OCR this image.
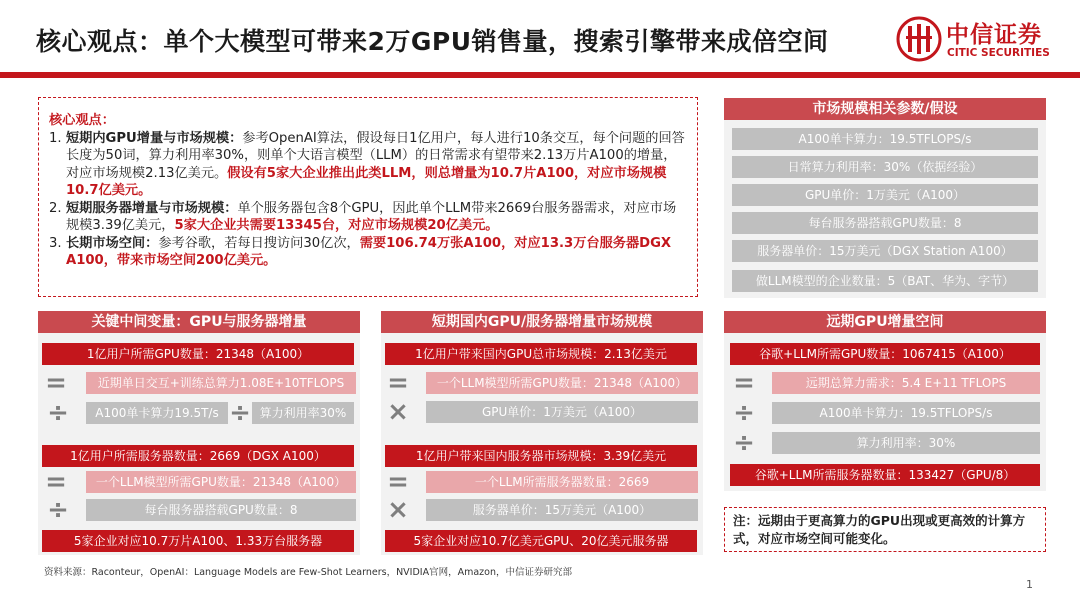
核心观点：单个大模型可带来2万GPU销售量，搜索引擎带来成倍空间	中信证券
CITIC SECURITIES
核心观点：
1. 短期内GPU增量与市场规模：参考OpenAI算法，假设每日1亿用户，每人进行10条交互，每个问题的回答长度为50词，算力利用率30%，则单个大语言模型（LLM）的日常需求有望带来2.13万片A100的增量，对应市场规模2.13亿美元。假设有5家大企业推出此类LLM，则总增量为10.7片A100，对应市场规模10.7亿美元。
2. 短期服务器增量与市场规模：单个服务器包含8个GPU，因此单个LLM带来2669台服务器需求，对应市场规模3.39亿美元，5家大企业共需要13345台，对应市场规模20亿美元。
3. 长期市场空间：参考谷歌，若每日搜访问30亿次，需要106.74万张A100，对应13.3万台服务器DGX A100，带来市场空间200亿美元。
市场规模相关参数/假设
A100单卡算力：19.5TFLOPS/s
日常算力利用率：30%（依据经验）
GPU单价：1万美元（A100）
每台服务器搭载GPU数量：8
服务器单价：15万美元（DGX Station A100）
做LLM模型的企业数量：5（BAT、华为、字节）
关键中间变量：GPU与服务器增量
1亿用户所需GPU数量：21348（A100）
=	近期单日交互+训练总算力1.08E+10TFLOPS
÷	A100单卡算力19.5T/s ÷ 算力利用率30%
1亿用户所需服务器数量：2669（DGX A100）
=	一个LLM模型所需GPU数量：21348（A100）
÷	每台服务器搭载GPU数量：8
5家企业对应10.7万片A100、1.33万台服务器
短期国内GPU/服务器增量市场规模
1亿用户带来国内GPU总市场规模：2.13亿美元
=	一个LLM模型所需GPU数量：21348（A100）
×	GPU单价：1万美元（A100）
1亿用户带来国内服务器市场规模：3.39亿美元
=	一个LLM所需服务器数量：2669
×	服务器单价：15万美元（A100）
5家企业对应10.7亿美元GPU、20亿美元服务器
远期GPU增量空间
谷歌+LLM所需GPU数量：1067415（A100）
=	远期总算力需求：5.4 E+11 TFLOPS
÷	A100单卡算力：19.5TFLOPS/s
÷	算力利用率：30%
谷歌+LLM所需服务器数量：133427（GPU/8）
注：远期由于更高算力的GPU出现或更高效的计算方式，对应市场空间可能变化。
资料来源：Raconteur，OpenAI：Language Models are Few-Shot Learners，NVIDIA官网，Amazon，中信证券研究部
1
